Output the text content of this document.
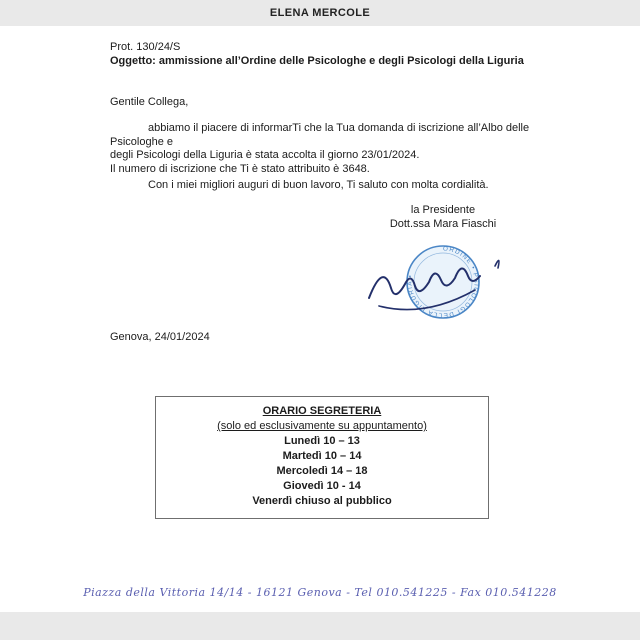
ELENA MERCOLE
Prot. 130/24/S
Oggetto: ammissione all’Ordine delle Psicologhe e degli Psicologi della Liguria
Gentile Collega,
abbiamo il piacere di informarTi che la Tua domanda di iscrizione all’Albo delle Psicologhe e
degli Psicologi della Liguria è stata accolta il giorno 23/01/2024.
Il numero di iscrizione che Ti è stato attribuito è 3648.
Con i miei migliori auguri di buon lavoro, Ti saluto con molta cordialità.
la Presidente
Dott.ssa Mara Fiaschi
ORDINE • PSICOLOGI DELLA LIGURIA •
Genova, 24/01/2024
ORARIO SEGRETERIA
(solo ed esclusivamente su appuntamento)
Lunedì 10 – 13
Martedì 10 – 14
Mercoledì 14 – 18
Giovedì 10 - 14
Venerdì chiuso al pubblico
Piazza della Vittoria 14/14 - 16121 Genova - Tel 010.541225 - Fax 010.541228
